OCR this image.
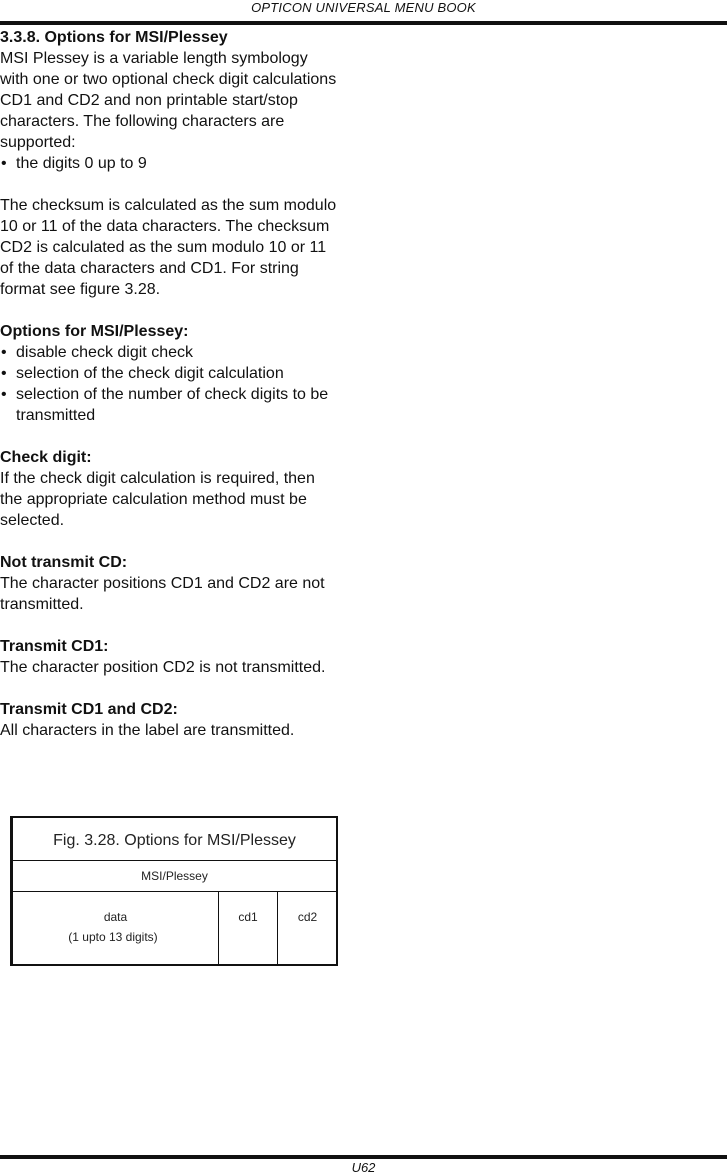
OPTICON UNIVERSAL MENU BOOK

3.3.8. Options for MSI/Plessey

MSI Plessey is a variable length symbology

with one or two optional check digit calculations

CD1 and CD2 and non printable start/stop

characters. The following characters are

supported:

• the digits 0 up to 9

The checksum is calculated as the sum modulo

10 or 11 of the data characters. The checksum

CD2 is calculated as the sum modulo 10 or 11

of the data characters and CD1. For string

format see figure 3.28.

Options for MSI/Plessey:

• disable check digit check
• selection of the check digit calculation
• selection of the number of check digits to be
transmitted

Check digit:

If the check digit calculation is required, then

the appropriate calculation method must be

selected.

Not transmit CD:

The character positions CD1 and CD2 are not

transmitted.

Transmit CD1:

The character position CD2 is not transmitted.

Transmit CD1 and CD2:

All characters in the label are transmitted.

Fig. 3.28. Options for MSI/Plessey
MSI/Plessey
data
(1 upto 13 digits)
cd1	cd2
U62
